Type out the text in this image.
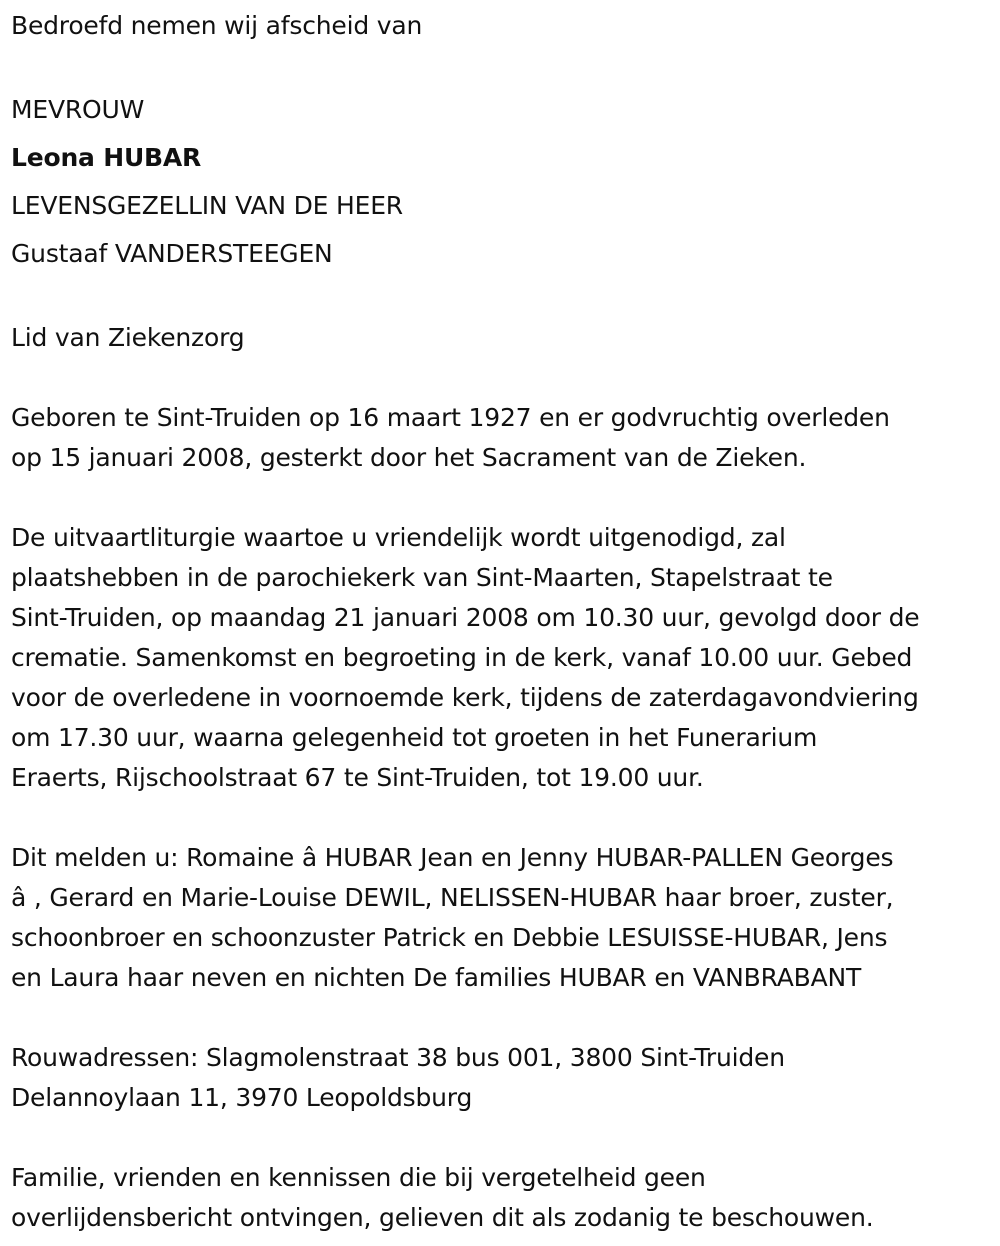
Bedroefd nemen wij afscheid van
MEVROUW
Leona HUBAR
LEVENSGEZELLIN VAN DE HEER
Gustaaf VANDERSTEEGEN
Lid van Ziekenzorg
Geboren te Sint-Truiden op 16 maart 1927 en er godvruchtig overleden
op 15 januari 2008, gesterkt door het Sacrament van de Zieken.
De uitvaartliturgie waartoe u vriendelijk wordt uitgenodigd, zal
plaatshebben in de parochiekerk van Sint-Maarten, Stapelstraat te
Sint-Truiden, op maandag 21 januari 2008 om 10.30 uur, gevolgd door de
crematie. Samenkomst en begroeting in de kerk, vanaf 10.00 uur. Gebed
voor de overledene in voornoemde kerk, tijdens de zaterdagavondviering
om 17.30 uur, waarna gelegenheid tot groeten in het Funerarium
Eraerts, Rijschoolstraat 67 te Sint-Truiden, tot 19.00 uur.
Dit melden u: Romaine â HUBAR Jean en Jenny HUBAR-PALLEN Georges
â , Gerard en Marie-Louise DEWIL, NELISSEN-HUBAR haar broer, zuster,
schoonbroer en schoonzuster Patrick en Debbie LESUISSE-HUBAR, Jens
en Laura haar neven en nichten De families HUBAR en VANBRABANT
Rouwadressen: Slagmolenstraat 38 bus 001, 3800 Sint-Truiden
Delannoylaan 11, 3970 Leopoldsburg
Familie, vrienden en kennissen die bij vergetelheid geen
overlijdensbericht ontvingen, gelieven dit als zodanig te beschouwen.
